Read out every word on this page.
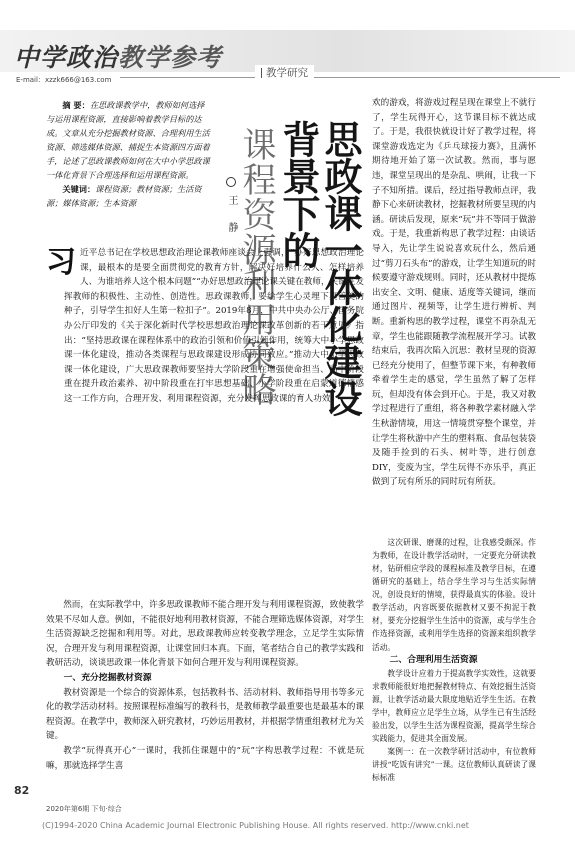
中学政治教学参考
E-mail：xzzk666@163.com
教学研究

摘 要：在思政课教学中，教师如何选择与运用课程资源，直接影响着教学目标的达成。文章从充分挖掘教材资源、合理利用生活资源、筛选媒体资源、捕捉生本资源四方面着手，论述了思政课教师如何在大中小学思政课一体化背景下合理选择和运用课程资源。

关键词：课程资源；教材资源；生活资源；媒体资源；生本资源	思政课一体化建设背景下的
课程资源利用策略
王 静
习 近平总书记在学校思想政治理论课教师座谈会上强调，“办好思想政治理论课，最根本的是要全面贯彻党的教育方针，解决好培养什么人、怎样培养人、为谁培养人这个根本问题”“办好思想政治理论课关键在教师，关键在发挥教师的积极性、主动性、创造性。思政课教师，要给学生心灵埋下真善美的种子，引导学生扣好人生第一粒扣子”。2019年8月，中共中央办公厅、国务院办公厅印发的《关于深化新时代学校思想政治理论课改革创新的若干意见》指出：“坚持思政课在课程体系中的政治引领和价值引领作用，统筹大中小学思政课一体化建设，推动各类课程与思政课建设形成协同效应。”推动大中小学思政课一体化建设，广大思政课教师要坚持大学阶段重在增强使命担当、高中阶段重在提升政治素养、初中阶段重在打牢思想基础、小学阶段重在启蒙道德情感这一工作方向，合理开发、利用课程资源，充分发挥思政课的育人功效。

然而，在实际教学中，许多思政课教师不能合理开发与利用课程资源，致使教学效果不尽如人意。例如，不能很好地利用教材资源，不能合理筛选媒体资源，对学生生活资源缺乏挖掘和利用等。对此，思政课教师应转变教学理念，立足学生实际情况，合理开发与利用课程资源，让课堂回归本真。下面，笔者结合自己的教学实践和教研活动，谈谈思政课一体化背景下如何合理开发与利用课程资源。

一、充分挖掘教材资源

教材资源是一个综合的资源体系，包括教科书、活动材料、教师指导用书等多元化的教学活动材料。按照课程标准编写的教科书，是教师教学最重要也是最基本的课程资源。在教学中，教师深入研究教材，巧妙运用教材，并根据学情重组教材尤为关键。

教学“玩得真开心”一课时，我抓住课题中的“玩”字构思教学过程：不就是玩嘛，那就选择学生喜

欢的游戏，将游戏过程呈现在课堂上不就行了，学生玩得开心，这节课目标不就达成了。于是，我很快就设计好了教学过程，将课堂游戏选定为《乒乓球接力赛》，且满怀期待地开始了第一次试教。然而，事与愿违，课堂呈现出的是杂乱、哄闹，让我一下子不知所措。课后，经过指导教师点评，我静下心来研读教材，挖掘教材所要呈现的内涵。研读后发现，原来“玩”并不等同于做游戏。于是，我重新构思了教学过程：由谈话导入，先让学生说说喜欢玩什么，然后通过“剪刀石头布”的游戏，让学生知道玩的时候要遵守游戏规则。同时，还从教材中提炼出安全、文明、健康、适度等关键词，继而通过图片、视频等，让学生进行辨析、判断。重新构思的教学过程，课堂不再杂乱无章，学生也能跟随教学流程展开学习。试教结束后，我再次陷入沉思：教材呈现的资源已经充分使用了，但整节课下来，有种教师牵着学生走的感觉，学生虽然了解了怎样玩，但却没有体会到开心。于是，我又对教学过程进行了重组，将各种教学素材融入学生秋游情境，用这一情境贯穿整个课堂，并让学生将秋游中产生的塑料瓶、食品包装袋及随手捡到的石头、树叶等，进行创意DIY，变废为宝，学生玩得不亦乐乎，真正做到了玩有所乐的同时玩有所获。

这次研课、磨课的过程，让我感受颇深。作为教师，在设计教学活动时，一定要充分研读教材，钻研相应学段的课程标准及教学目标，在遵循研究的基础上，结合学生学习与生活实际情况，创设良好的情境，获得最真实的体验。设计教学活动，内容既要依据教材又要不拘泥于教材，要充分挖掘学生生活中的资源，或与学生合作选择资源，或利用学生选择的资源来组织教学活动。

二、合理利用生活资源

教学设计应着力于提高教学实效性，这就要求教师能很好地把握教材特点、有效挖掘生活资源，让教学活动最大限度地贴近学生生活。在教学中，教师应立足学生立场，从学生已有生活经验出发，以学生生活为课程资源，提高学生综合实践能力，促进其全面发展。

案例一：在一次教学研讨活动中，有位教师讲授“吃饭有讲究”一课。这位教师认真研读了课标标准

82
2020年第6期 下旬·综合
(C)1994-2020 China Academic Journal Electronic Publishing House. All rights reserved. http://www.cnki.net
